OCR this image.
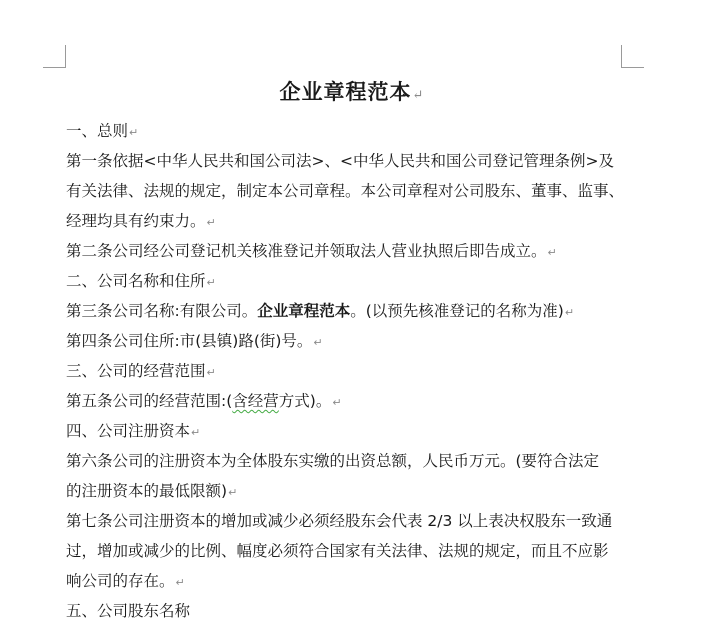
企业章程范本↵
一、总则↵
第一条依据<中华人民共和国公司法>、<中华人民共和国公司登记管理条例>及
有关法律、法规的规定，制定本公司章程。本公司章程对公司股东、董事、监事、
经理均具有约束力。↵
第二条公司经公司登记机关核准登记并领取法人营业执照后即告成立。↵
二、公司名称和住所↵
第三条公司名称:有限公司。企业章程范本。(以预先核准登记的名称为准)↵
第四条公司住所:市(县镇)路(街)号。↵
三、公司的经营范围↵
第五条公司的经营范围:(含经营方式)。↵
四、公司注册资本↵
第六条公司的注册资本为全体股东实缴的出资总额，人民币万元。(要符合法定
的注册资本的最低限额)↵
第七条公司注册资本的增加或减少必须经股东会代表 2/3 以上表决权股东一致通
过，增加或减少的比例、幅度必须符合国家有关法律、法规的规定，而且不应影
响公司的存在。↵
五、公司股东名称
